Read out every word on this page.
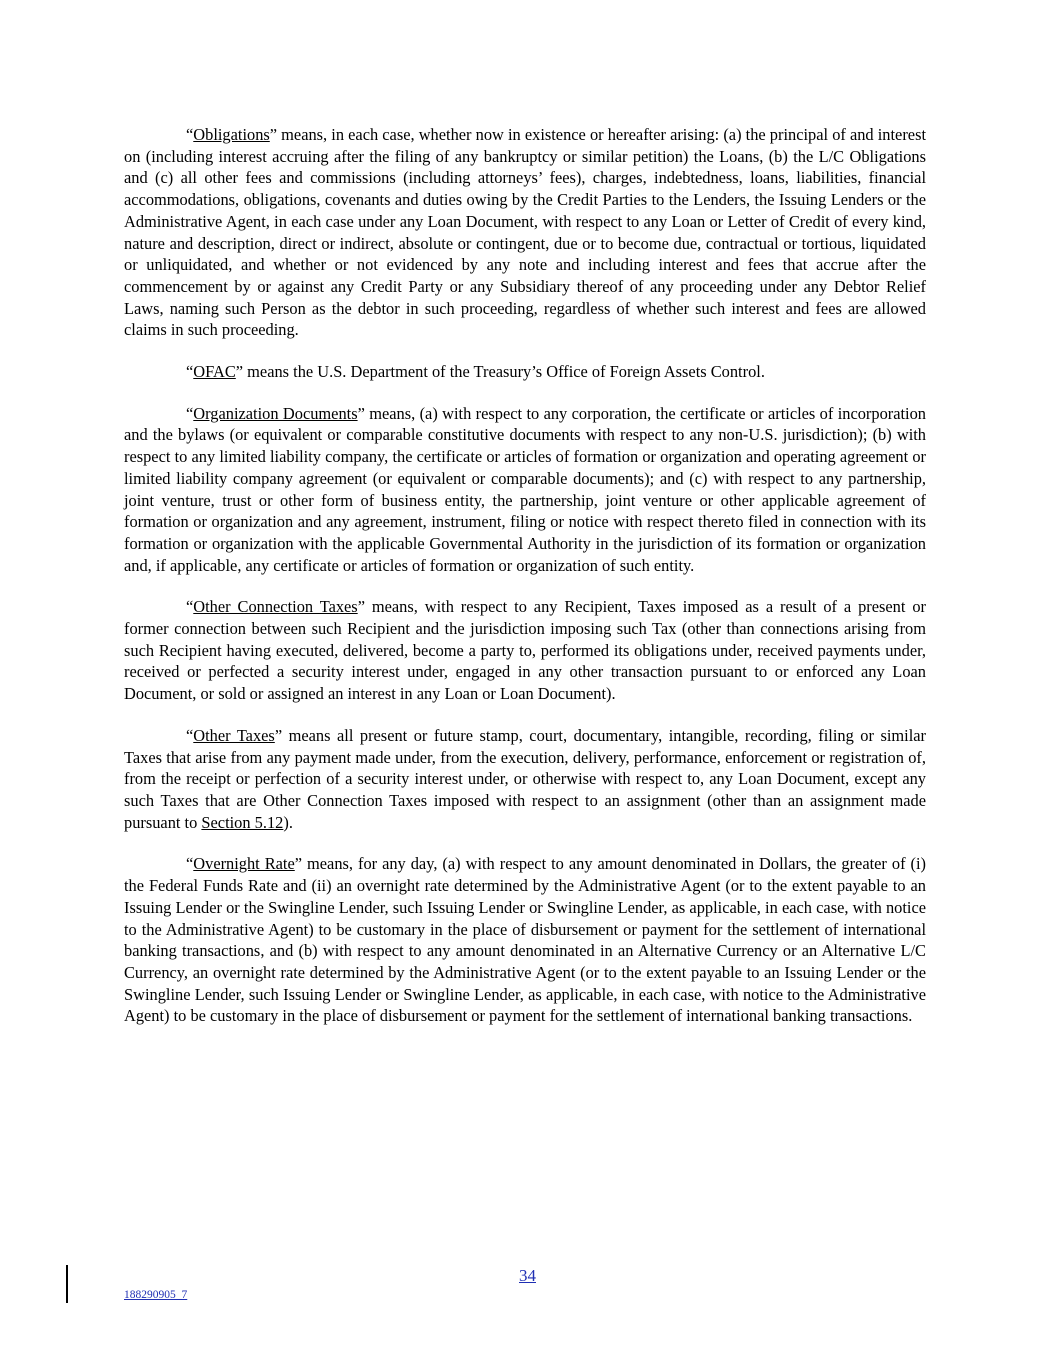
“Obligations” means, in each case, whether now in existence or hereafter arising: (a) the principal of and interest on (including interest accruing after the filing of any bankruptcy or similar petition) the Loans, (b) the L/C Obligations and (c) all other fees and commissions (including attorneys’ fees), charges, indebtedness, loans, liabilities, financial accommodations, obligations, covenants and duties owing by the Credit Parties to the Lenders, the Issuing Lenders or the Administrative Agent, in each case under any Loan Document, with respect to any Loan or Letter of Credit of every kind, nature and description, direct or indirect, absolute or contingent, due or to become due, contractual or tortious, liquidated or unliquidated, and whether or not evidenced by any note and including interest and fees that accrue after the commencement by or against any Credit Party or any Subsidiary thereof of any proceeding under any Debtor Relief Laws, naming such Person as the debtor in such proceeding, regardless of whether such interest and fees are allowed claims in such proceeding.

“OFAC” means the U.S. Department of the Treasury’s Office of Foreign Assets Control.

“Organization Documents” means, (a) with respect to any corporation, the certificate or articles of incorporation and the bylaws (or equivalent or comparable constitutive documents with respect to any non-U.S. jurisdiction); (b) with respect to any limited liability company, the certificate or articles of formation or organization and operating agreement or limited liability company agreement (or equivalent or comparable documents); and (c) with respect to any partnership, joint venture, trust or other form of business entity, the partnership, joint venture or other applicable agreement of formation or organization and any agreement, instrument, filing or notice with respect thereto filed in connection with its formation or organization with the applicable Governmental Authority in the jurisdiction of its formation or organization and, if applicable, any certificate or articles of formation or organization of such entity.

“Other Connection Taxes” means, with respect to any Recipient, Taxes imposed as a result of a present or former connection between such Recipient and the jurisdiction imposing such Tax (other than connections arising from such Recipient having executed, delivered, become a party to, performed its obligations under, received payments under, received or perfected a security interest under, engaged in any other transaction pursuant to or enforced any Loan Document, or sold or assigned an interest in any Loan or Loan Document).

“Other Taxes” means all present or future stamp, court, documentary, intangible, recording, filing or similar Taxes that arise from any payment made under, from the execution, delivery, performance, enforcement or registration of, from the receipt or perfection of a security interest under, or otherwise with respect to, any Loan Document, except any such Taxes that are Other Connection Taxes imposed with respect to an assignment (other than an assignment made pursuant to Section 5.12).

“Overnight Rate” means, for any day, (a) with respect to any amount denominated in Dollars, the greater of (i) the Federal Funds Rate and (ii) an overnight rate determined by the Administrative Agent (or to the extent payable to an Issuing Lender or the Swingline Lender, such Issuing Lender or Swingline Lender, as applicable, in each case, with notice to the Administrative Agent) to be customary in the place of disbursement or payment for the settlement of international banking transactions, and (b) with respect to any amount denominated in an Alternative Currency or an Alternative L/C Currency, an overnight rate determined by the Administrative Agent (or to the extent payable to an Issuing Lender or the Swingline Lender, such Issuing Lender or Swingline Lender, as applicable, in each case, with notice to the Administrative Agent) to be customary in the place of disbursement or payment for the settlement of international banking transactions.

34
188290905_7
